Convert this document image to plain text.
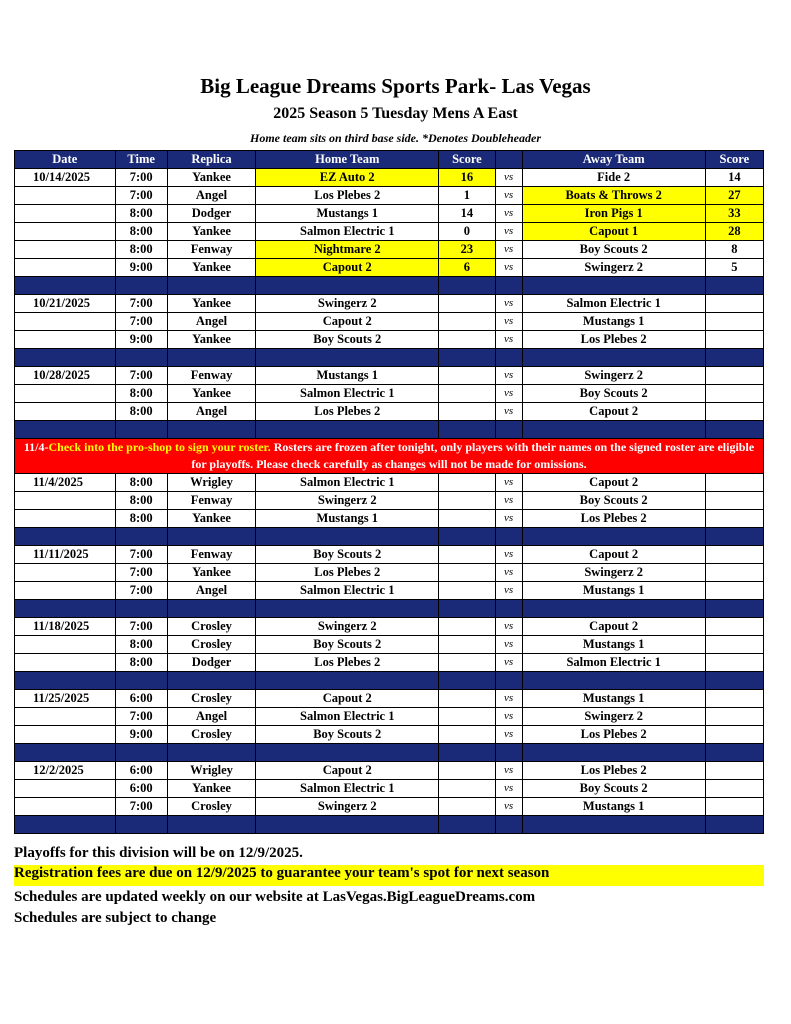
Big League Dreams Sports Park- Las Vegas
2025 Season 5 Tuesday Mens A East
Home team sits on third base side. *Denotes Doubleheader
Date	Time	Replica	Home Team	Score		Away Team	Score
10/14/2025	7:00	Yankee	EZ Auto 2	16	vs	Fide 2	14
	7:00	Angel	Los Plebes 2	1	vs	Boats & Throws 2	27
	8:00	Dodger	Mustangs 1	14	vs	Iron Pigs 1	33
	8:00	Yankee	Salmon Electric 1	0	vs	Capout 1	28
	8:00	Fenway	Nightmare 2	23	vs	Boy Scouts 2	8
	9:00	Yankee	Capout 2	6	vs	Swingerz 2	5

10/21/2025	7:00	Yankee	Swingerz 2		vs	Salmon Electric 1	
	7:00	Angel	Capout 2		vs	Mustangs 1	
	9:00	Yankee	Boy Scouts 2		vs	Los Plebes 2	

10/28/2025	7:00	Fenway	Mustangs 1		vs	Swingerz 2	
	8:00	Yankee	Salmon Electric 1		vs	Boy Scouts 2	
	8:00	Angel	Los Plebes 2		vs	Capout 2	

11/4-Check into the pro-shop to sign your roster. Rosters are frozen after tonight, only players with their names on the signed roster are eligible for playoffs. Please check carefully as changes will not be made for omissions.							
11/4/2025	8:00	Wrigley	Salmon Electric 1		vs	Capout 2	
	8:00	Fenway	Swingerz 2		vs	Boy Scouts 2	
	8:00	Yankee	Mustangs 1		vs	Los Plebes 2	

11/11/2025	7:00	Fenway	Boy Scouts 2		vs	Capout 2	
	7:00	Yankee	Los Plebes 2		vs	Swingerz 2	
	7:00	Angel	Salmon Electric 1		vs	Mustangs 1	

11/18/2025	7:00	Crosley	Swingerz 2		vs	Capout 2	
	8:00	Crosley	Boy Scouts 2		vs	Mustangs 1	
	8:00	Dodger	Los Plebes 2		vs	Salmon Electric 1	

11/25/2025	6:00	Crosley	Capout 2		vs	Mustangs 1	
	7:00	Angel	Salmon Electric 1		vs	Swingerz 2	
	9:00	Crosley	Boy Scouts 2		vs	Los Plebes 2	

12/2/2025	6:00	Wrigley	Capout 2		vs	Los Plebes 2	
	6:00	Yankee	Salmon Electric 1		vs	Boy Scouts 2	
	7:00	Crosley	Swingerz 2		vs	Mustangs 1	

Playoffs for this division will be on 12/9/2025.
Registration fees are due on 12/9/2025 to guarantee your team's spot for next season
Schedules are updated weekly on our website at LasVegas.BigLeagueDreams.com
Schedules are subject to change
